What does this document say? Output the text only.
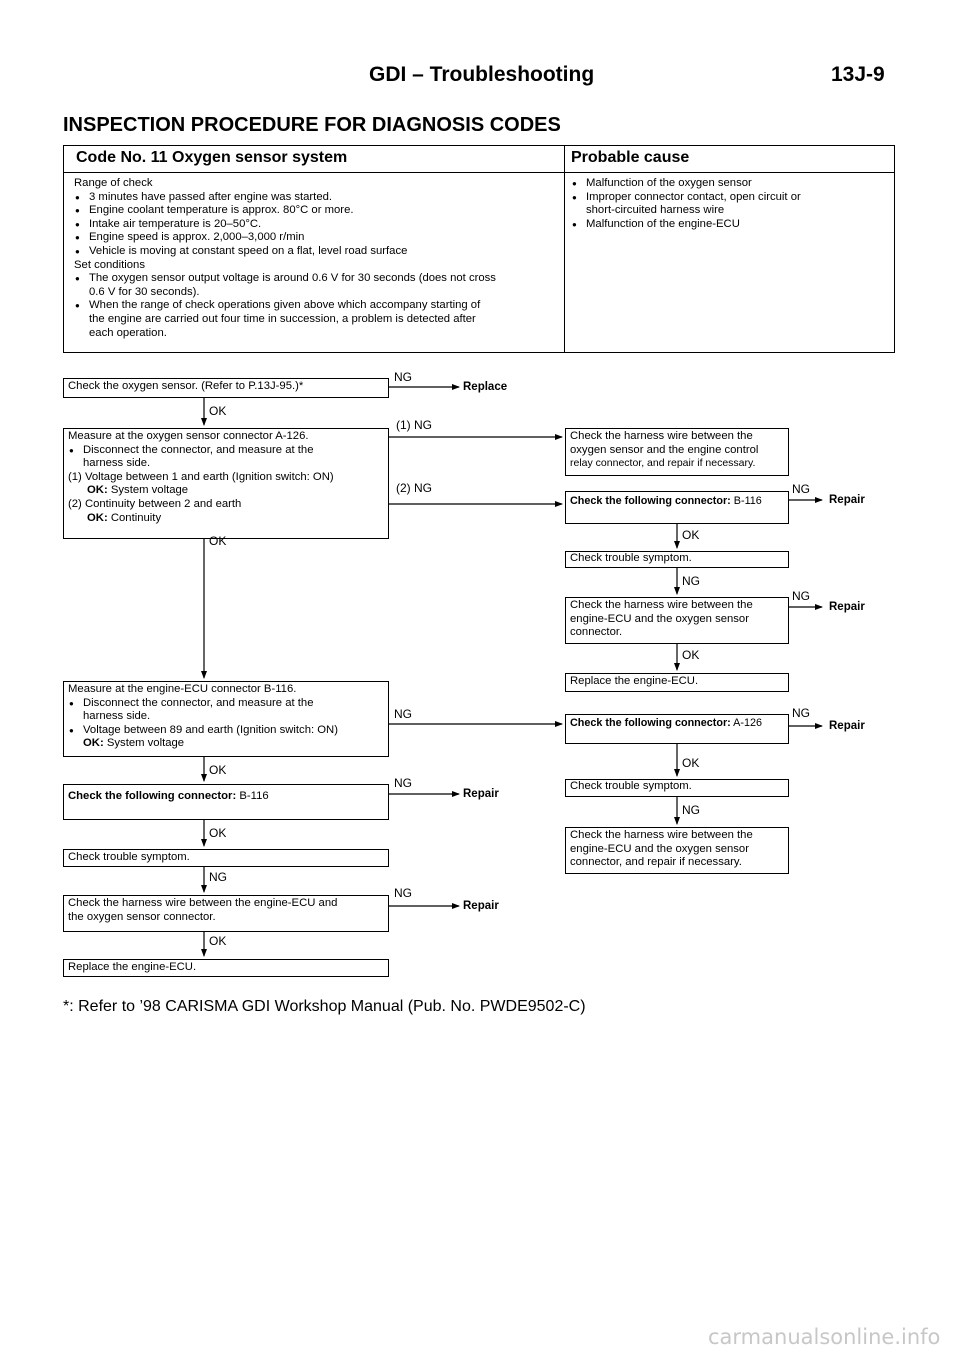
GDI – Troubleshooting	13J-9
INSPECTION PROCEDURE FOR DIAGNOSIS CODES
Code No. 11 Oxygen sensor system	Probable cause
Range of check
● 3 minutes have passed after engine was started.
● Engine coolant temperature is approx. 80°C or more.
● Intake air temperature is 20–50°C.
● Engine speed is approx. 2,000–3,000 r/min
● Vehicle is moving at constant speed on a flat, level road surface
Set conditions
● The oxygen sensor output voltage is around 0.6 V for 30 seconds (does not cross
0.6 V for 30 seconds).
● When the range of check operations given above which accompany starting of
the engine are carried out four time in succession, a problem is detected after
each operation.
● Malfunction of the oxygen sensor
● Improper connector contact, open circuit or
short-circuited harness wire
● Malfunction of the engine-ECU
Check the oxygen sensor. (Refer to P.13J-95.)*
Measure at the oxygen sensor connector A-126.
● Disconnect the connector, and measure at the
harness side.
(1) Voltage between 1 and earth (Ignition switch: ON)
OK: System voltage
(2) Continuity between 2 and earth
OK: Continuity
Measure at the engine-ECU connector B-116.
● Disconnect the connector, and measure at the
harness side.
● Voltage between 89 and earth (Ignition switch: ON)
OK: System voltage
Check the following connector: B-116
Check trouble symptom.
Check the harness wire between the engine-ECU and
the oxygen sensor connector.
Replace the engine-ECU.
Check the harness wire between the
oxygen sensor and the engine control
relay connector, and repair if necessary.
Check the following connector: B-116
Check trouble symptom.
Check the harness wire between the
engine-ECU and the oxygen sensor
connector.
Replace the engine-ECU.
Check the following connector: A-126
Check trouble symptom.
Check the harness wire between the
engine-ECU and the oxygen sensor
connector, and repair if necessary.
NG
OK
(1) NG
(2) NG
OK
NG
OK
NG
OK
NG
NG
OK
OK
NG
OK
OK
NG
NG
NG
NG
Replace
Repair
Repair
Repair
Repair
Repair
*: Refer to ’98 CARISMA GDI Workshop Manual (Pub. No. PWDE9502-C)
carmanualsonline.info
